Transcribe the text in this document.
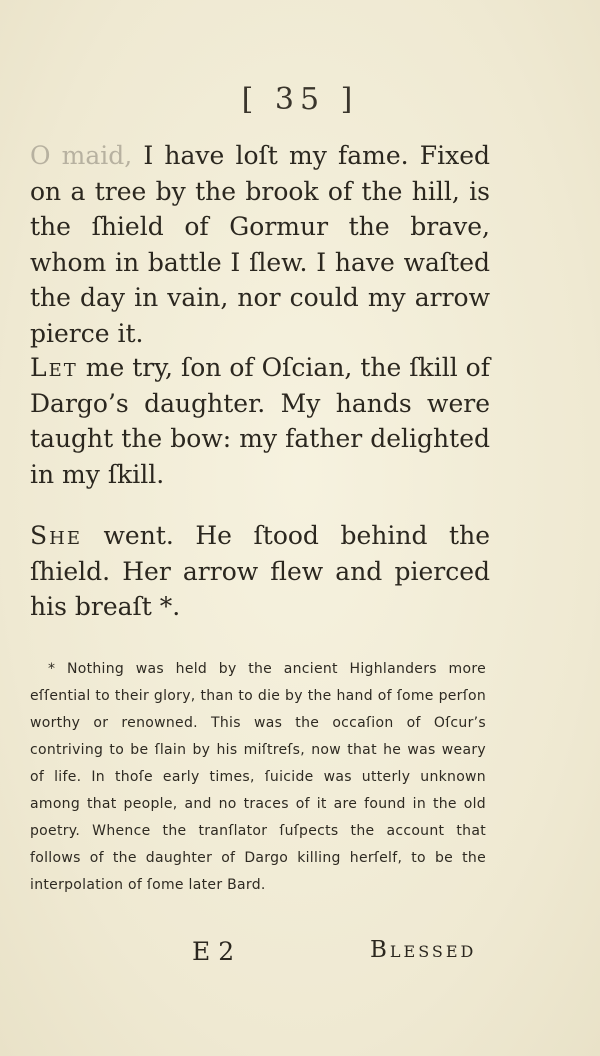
[ 35 ]

O maid, I have loſt my fame. Fixed on a tree by the brook of the hill, is the ſhield of Gormur the brave, whom in battle I ſlew. I have waſted the day in vain, nor could my arrow pierce it.

Let me try, ſon of Oſcian, the ſkill of Dargo’s daughter. My hands were taught the bow: my father delighted in my ſkill.

She went. He ſtood behind the ſhield. Her arrow flew and pierced his breaſt *.

* Nothing was held by the ancient Highlanders more eſſential to their glory, than to die by the hand of ſome perſon worthy or renowned. This was the occaſion of Oſcur’s contriving to be ſlain by his miſtreſs, now that he was weary of life. In thoſe early times, ſuicide was utterly unknown among that people, and no traces of it are found in the old poetry. Whence the tranſlator ſuſpects the account that follows of the daughter of Dargo killing herſelf, to be the interpolation of ſome later Bard.

E 2	Blessed
